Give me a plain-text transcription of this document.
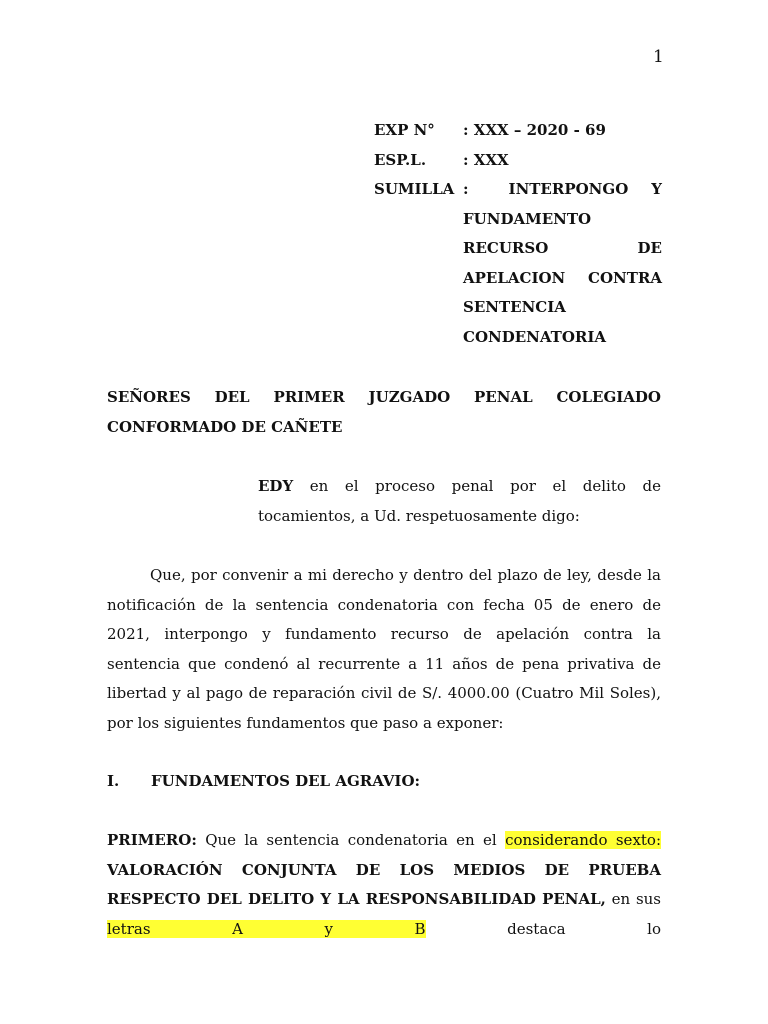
1
EXP N°	: XXX – 2020 - 69
ESP.L.	: XXX
SUMILLA :	INTERPONGO Y FUNDAMENTO RECURSO DE APELACION CONTRA SENTENCIA CONDENATORIA
SEÑORES DEL PRIMER JUZGADO PENAL COLEGIADO CONFORMADO DE CAÑETE
EDY en el proceso penal por el delito de tocamientos, a Ud. respetuosamente digo:
Que, por convenir a mi derecho y dentro del plazo de ley, desde la notificación de la sentencia condenatoria con fecha 05 de enero de 2021, interpongo y fundamento recurso de apelación contra la sentencia que condenó al recurrente a 11 años de pena privativa de libertad y al pago de reparación civil de S/. 4000.00 (Cuatro Mil Soles), por los siguientes fundamentos que paso a exponer:
I.	FUNDAMENTOS DEL AGRAVIO:
PRIMERO: Que la sentencia condenatoria en el considerando sexto: VALORACIÓN CONJUNTA DE LOS MEDIOS DE PRUEBA RESPECTO DEL DELITO Y LA RESPONSABILIDAD PENAL, en sus letras A y B destaca lo
